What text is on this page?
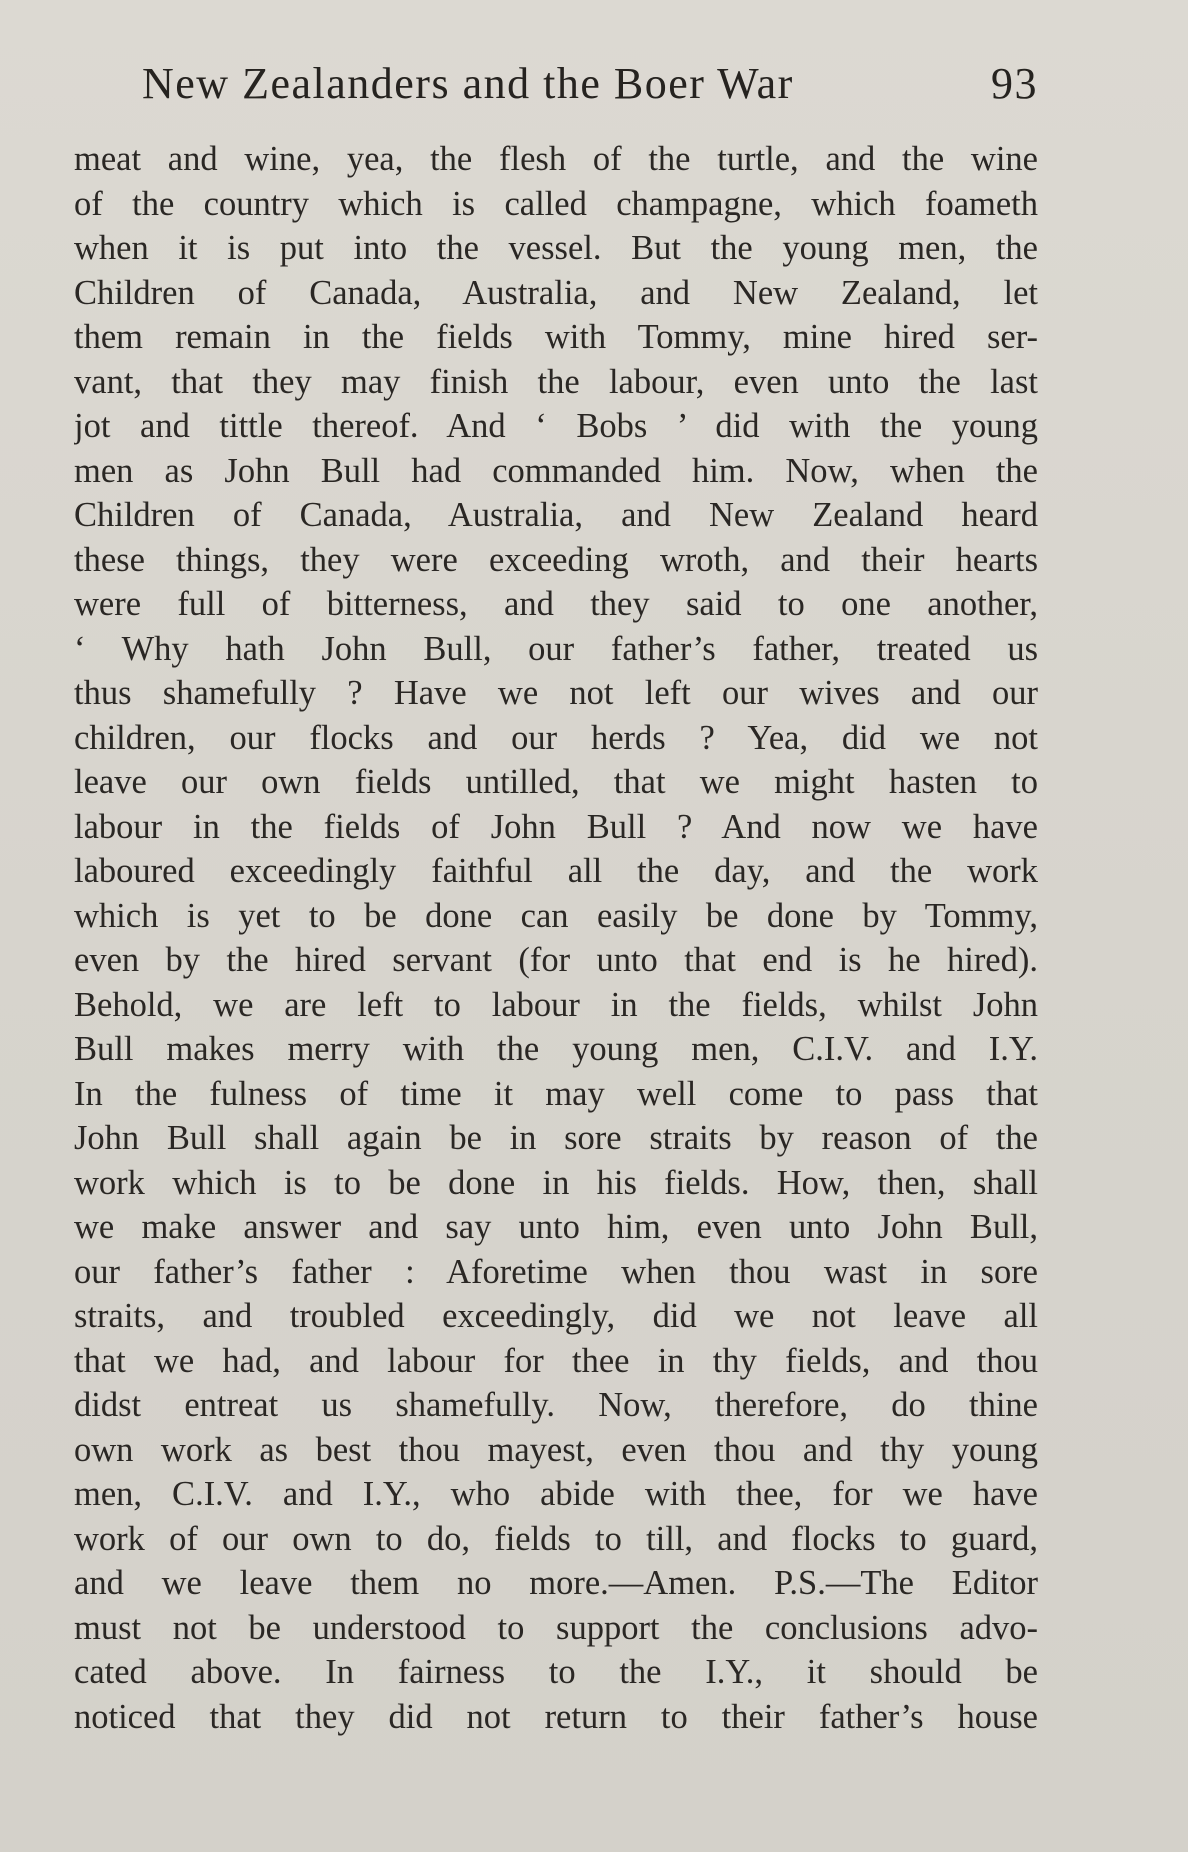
New Zealanders and the Boer War	93
meat and wine, yea, the flesh of the turtle, and the wine
of the country which is called champagne, which foameth
when it is put into the vessel. But the young men, the
Children of Canada, Australia, and New Zealand, let
them remain in the fields with Tommy, mine hired ser-
vant, that they may finish the labour, even unto the last
jot and tittle thereof. And ‘ Bobs ’ did with the young
men as John Bull had commanded him. Now, when the
Children of Canada, Australia, and New Zealand heard
these things, they were exceeding wroth, and their hearts
were full of bitterness, and they said to one another,
‘ Why hath John Bull, our father’s father, treated us
thus shamefully ? Have we not left our wives and our
children, our flocks and our herds ? Yea, did we not
leave our own fields untilled, that we might hasten to
labour in the fields of John Bull ? And now we have
laboured exceedingly faithful all the day, and the work
which is yet to be done can easily be done by Tommy,
even by the hired servant (for unto that end is he hired).
Behold, we are left to labour in the fields, whilst John
Bull makes merry with the young men, C.I.V. and I.Y.
In the fulness of time it may well come to pass that
John Bull shall again be in sore straits by reason of the
work which is to be done in his fields. How, then, shall
we make answer and say unto him, even unto John Bull,
our father’s father : Aforetime when thou wast in sore
straits, and troubled exceedingly, did we not leave all
that we had, and labour for thee in thy fields, and thou
didst entreat us shamefully. Now, therefore, do thine
own work as best thou mayest, even thou and thy young
men, C.I.V. and I.Y., who abide with thee, for we have
work of our own to do, fields to till, and flocks to guard,
and we leave them no more.—Amen. P.S.—The Editor
must not be understood to support the conclusions advo-
cated above. In fairness to the I.Y., it should be
noticed that they did not return to their father’s house
